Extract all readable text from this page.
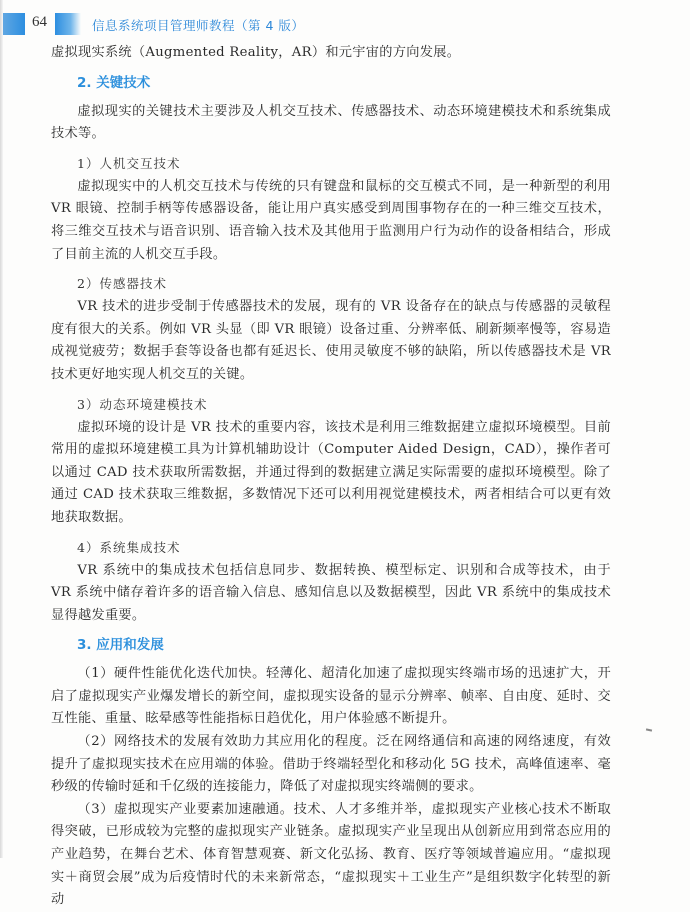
64	信息系统项目管理师教程（第 4 版）

虚拟现实系统（Augmented Reality，AR）和元宇宙的方向发展。

2. 关键技术

虚拟现实的关键技术主要涉及人机交互技术、传感器技术、动态环境建模技术和系统集成技术等。

1）人机交互技术

虚拟现实中的人机交互技术与传统的只有键盘和鼠标的交互模式不同，是一种新型的利用 VR 眼镜、控制手柄等传感器设备，能让用户真实感受到周围事物存在的一种三维交互技术，将三维交互技术与语音识别、语音输入技术及其他用于监测用户行为动作的设备相结合，形成了目前主流的人机交互手段。

2）传感器技术

VR 技术的进步受制于传感器技术的发展，现有的 VR 设备存在的缺点与传感器的灵敏程度有很大的关系。例如 VR 头显（即 VR 眼镜）设备过重、分辨率低、刷新频率慢等，容易造成视觉疲劳；数据手套等设备也都有延迟长、使用灵敏度不够的缺陷，所以传感器技术是 VR 技术更好地实现人机交互的关键。

3）动态环境建模技术

虚拟环境的设计是 VR 技术的重要内容，该技术是利用三维数据建立虚拟环境模型。目前常用的虚拟环境建模工具为计算机辅助设计（Computer Aided Design，CAD），操作者可以通过 CAD 技术获取所需数据，并通过得到的数据建立满足实际需要的虚拟环境模型。除了通过 CAD 技术获取三维数据，多数情况下还可以利用视觉建模技术，两者相结合可以更有效地获取数据。

4）系统集成技术

VR 系统中的集成技术包括信息同步、数据转换、模型标定、识别和合成等技术，由于 VR 系统中储存着许多的语音输入信息、感知信息以及数据模型，因此 VR 系统中的集成技术显得越发重要。

3. 应用和发展

（1）硬件性能优化迭代加快。轻薄化、超清化加速了虚拟现实终端市场的迅速扩大，开启了虚拟现实产业爆发增长的新空间，虚拟现实设备的显示分辨率、帧率、自由度、延时、交互性能、重量、眩晕感等性能指标日趋优化，用户体验感不断提升。

（2）网络技术的发展有效助力其应用化的程度。泛在网络通信和高速的网络速度，有效提升了虚拟现实技术在应用端的体验。借助于终端轻型化和移动化 5G 技术，高峰值速率、毫秒级的传输时延和千亿级的连接能力，降低了对虚拟现实终端侧的要求。

（3）虚拟现实产业要素加速融通。技术、人才多维并举，虚拟现实产业核心技术不断取得突破，已形成较为完整的虚拟现实产业链条。虚拟现实产业呈现出从创新应用到常态应用的产业趋势，在舞台艺术、体育智慧观赛、新文化弘扬、教育、医疗等领域普遍应用。“虚拟现实＋商贸会展”成为后疫情时代的未来新常态，“虚拟现实＋工业生产”是组织数字化转型的新动
